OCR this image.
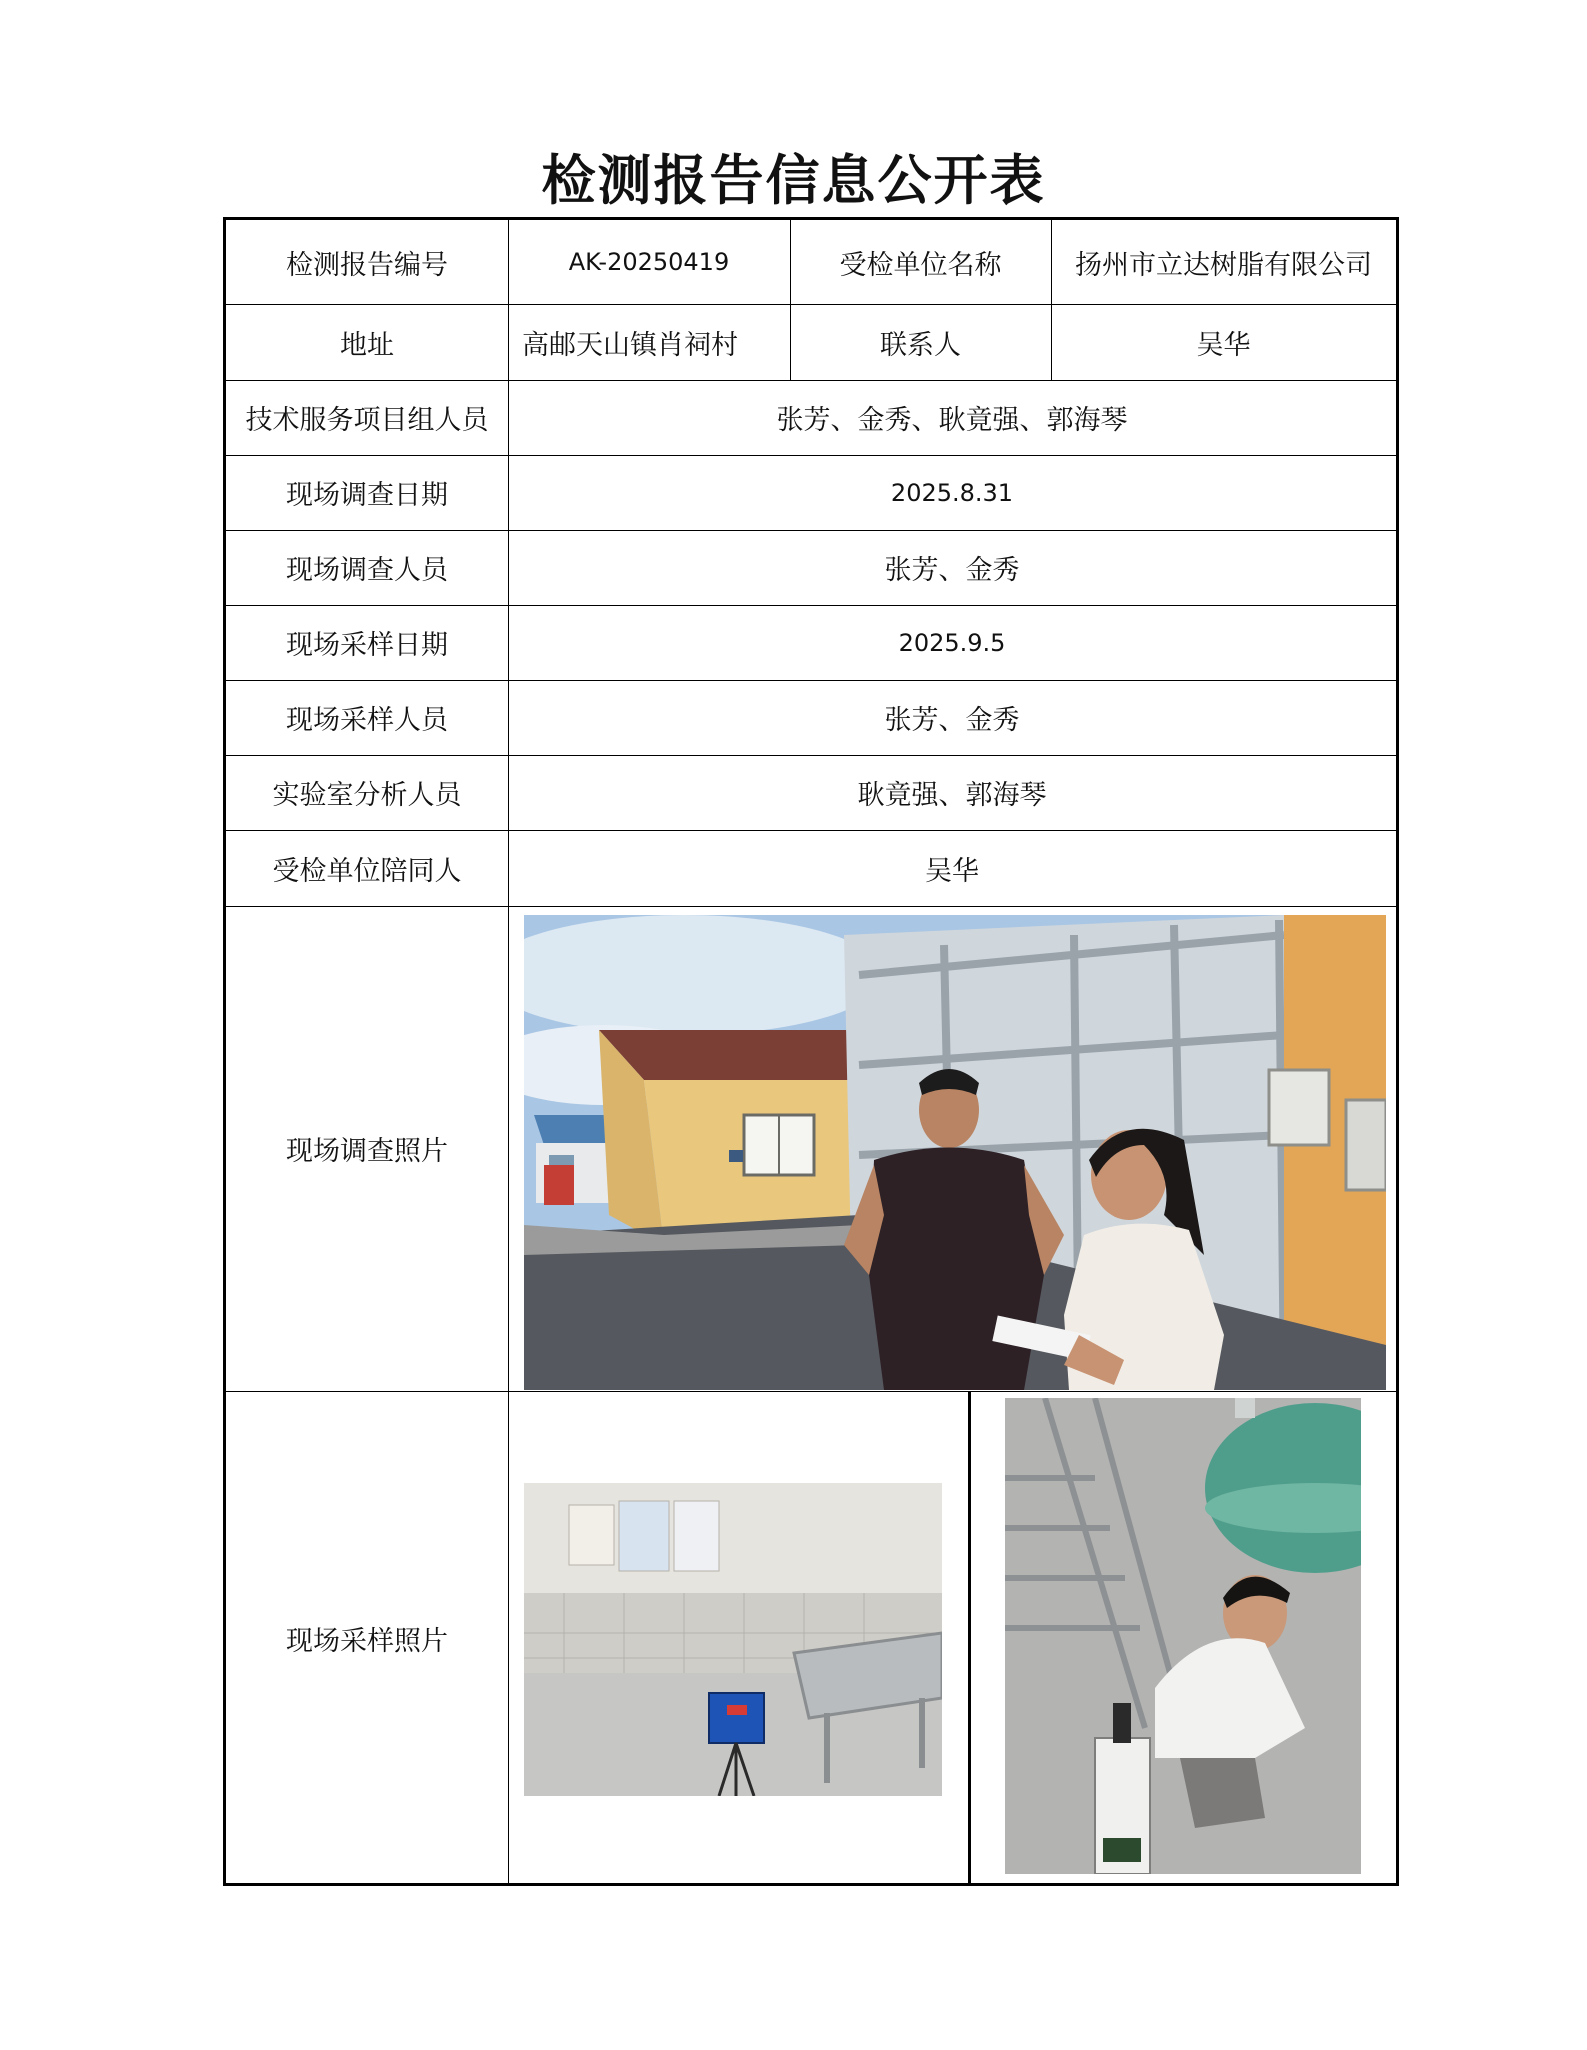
检测报告信息公开表
检测报告编号	AK-20250419	受检单位名称	扬州市立达树脂有限公司
地址	高邮天山镇肖祠村	联系人	吴华
技术服务项目组人员	张芳、金秀、耿竟强、郭海琴
现场调查日期	2025.8.31
现场调查人员	张芳、金秀
现场采样日期	2025.9.5
现场采样人员	张芳、金秀
实验室分析人员	耿竟强、郭海琴
受检单位陪同人	吴华
现场调查照片
现场采样照片
